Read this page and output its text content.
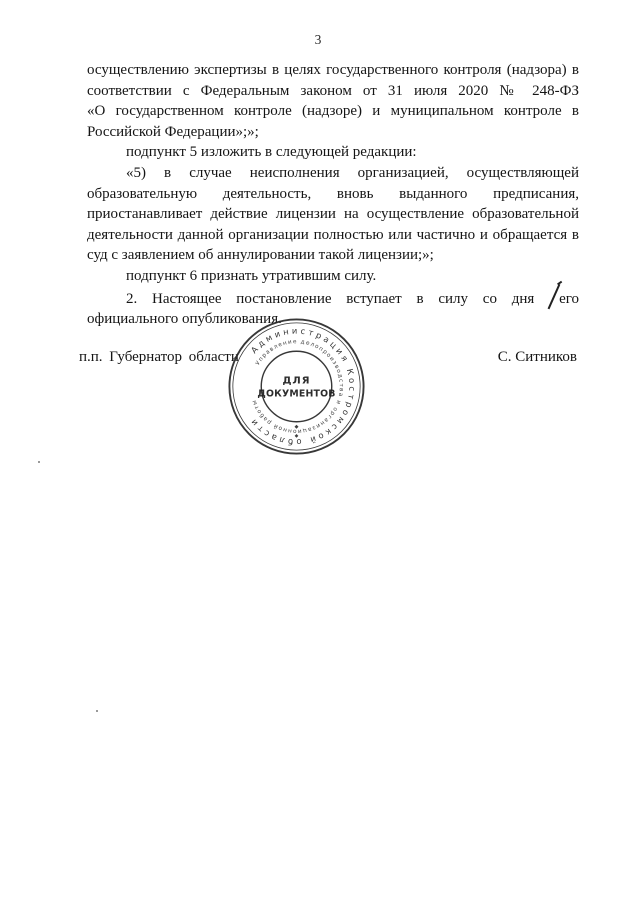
3
осуществлению экспертизы в целях государственного контроля (надзора) в
соответствии с Федеральным законом от 31 июля 2020 № 248-ФЗ
«О государственном контроле (надзоре) и муниципальном контроле в
Российской Федерации»;»;
подпункт 5 изложить в следующей редакции:
«5) в случае неисполнения организацией, осуществляющей
образовательную деятельность, вновь выданного предписания,
приостанавливает действие лицензии на осуществление образовательной
деятельности данной организации полностью или частично и обращается в
суд с заявлением об аннулировании такой лицензии;»;
подпункт 6 признать утратившим силу.
2. Настоящее постановление вступает в силу со дня его
официального опубликования.
п.п. Губернатор области	С. Ситников
Администрация Костромской области
Управление делопроизводства и организационной работы
ДЛЯ
ДОКУМЕНТОВ
